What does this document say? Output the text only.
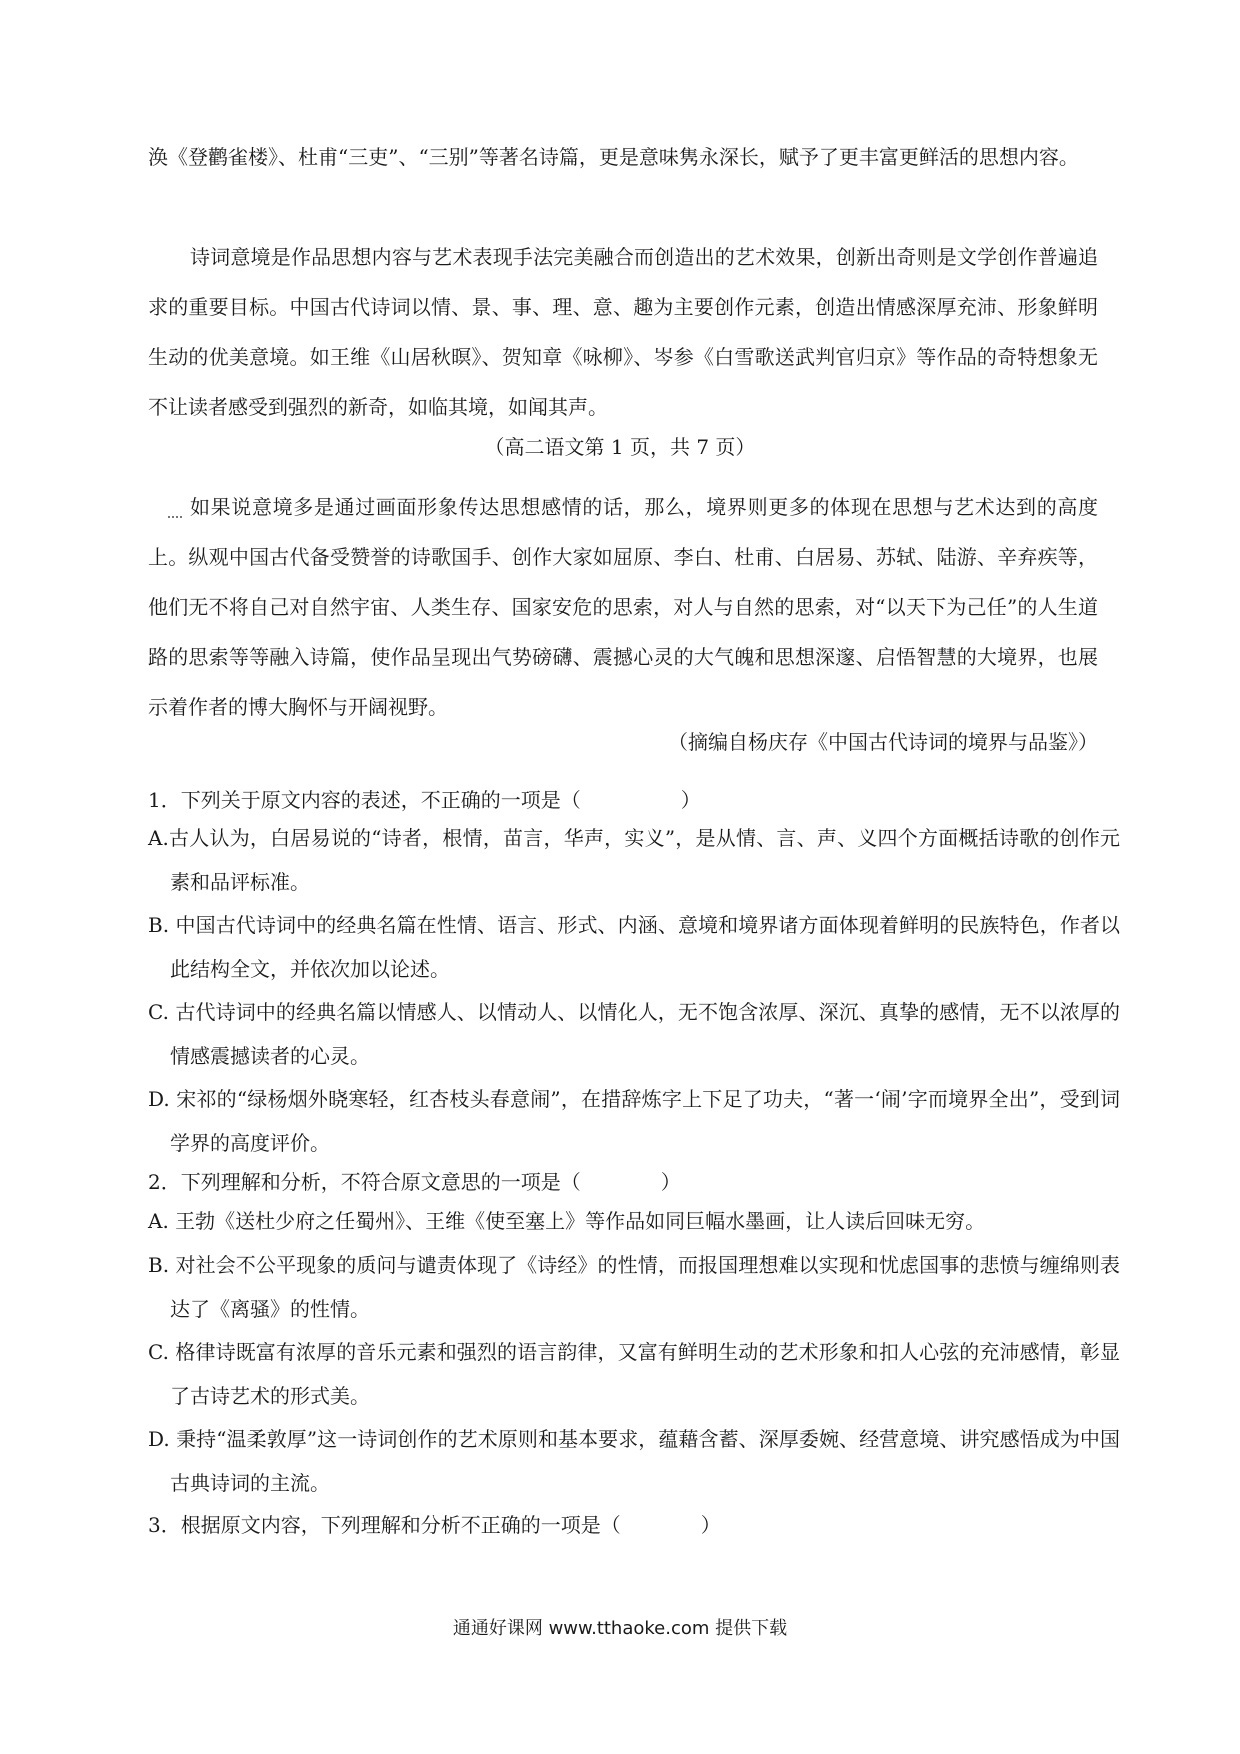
涣《登鹳雀楼》、杜甫“三吏”、“三别”等著名诗篇，更是意味隽永深长，赋予了更丰富更鲜活的思想内容。

诗词意境是作品思想内容与艺术表现手法完美融合而创造出的艺术效果，创新出奇则是文学创作普遍追求的重要目标。中国古代诗词以情、景、事、理、意、趣为主要创作元素，创造出情感深厚充沛、形象鲜明生动的优美意境。如王维《山居秋暝》、贺知章《咏柳》、岑参《白雪歌送武判官归京》等作品的奇特想象无不让读者感受到强烈的新奇，如临其境，如闻其声。

（高二语文第 1 页，共 7 页）

如果说意境多是通过画面形象传达思想感情的话，那么，境界则更多的体现在思想与艺术达到的高度上。纵观中国古代备受赞誉的诗歌国手、创作大家如屈原、李白、杜甫、白居易、苏轼、陆游、辛弃疾等，他们无不将自己对自然宇宙、人类生存、国家安危的思索，对人与自然的思索，对“以天下为己任”的人生道路的思索等等融入诗篇，使作品呈现出气势磅礴、震撼心灵的大气魄和思想深邃、启悟智慧的大境界，也展示着作者的博大胸怀与开阔视野。

（摘编自杨庆存《中国古代诗词的境界与品鉴》）

1．下列关于原文内容的表述，不正确的一项是（　　　　　）

A.古人认为，白居易说的“诗者，根情，苗言，华声，实义”，是从情、言、声、义四个方面概括诗歌的创作元素和品评标准。

B. 中国古代诗词中的经典名篇在性情、语言、形式、内涵、意境和境界诸方面体现着鲜明的民族特色，作者以此结构全文，并依次加以论述。

C. 古代诗词中的经典名篇以情感人、以情动人、以情化人，无不饱含浓厚、深沉、真挚的感情，无不以浓厚的情感震撼读者的心灵。

D. 宋祁的“绿杨烟外晓寒轻，红杏枝头春意闹”，在措辞炼字上下足了功夫，“著一‘闹’字而境界全出”，受到词学界的高度评价。

2．下列理解和分析，不符合原文意思的一项是（　　　　）

A. 王勃《送杜少府之任蜀州》、王维《使至塞上》等作品如同巨幅水墨画，让人读后回味无穷。

B. 对社会不公平现象的质问与谴责体现了《诗经》的性情，而报国理想难以实现和忧虑国事的悲愤与缠绵则表达了《离骚》的性情。

C. 格律诗既富有浓厚的音乐元素和强烈的语言韵律，又富有鲜明生动的艺术形象和扣人心弦的充沛感情，彰显了古诗艺术的形式美。

D. 秉持“温柔敦厚”这一诗词创作的艺术原则和基本要求，蕴藉含蓄、深厚委婉、经营意境、讲究感悟成为中国古典诗词的主流。

3．根据原文内容，下列理解和分析不正确的一项是（　　　　）

通通好课网 www.tthaoke.com 提供下载
